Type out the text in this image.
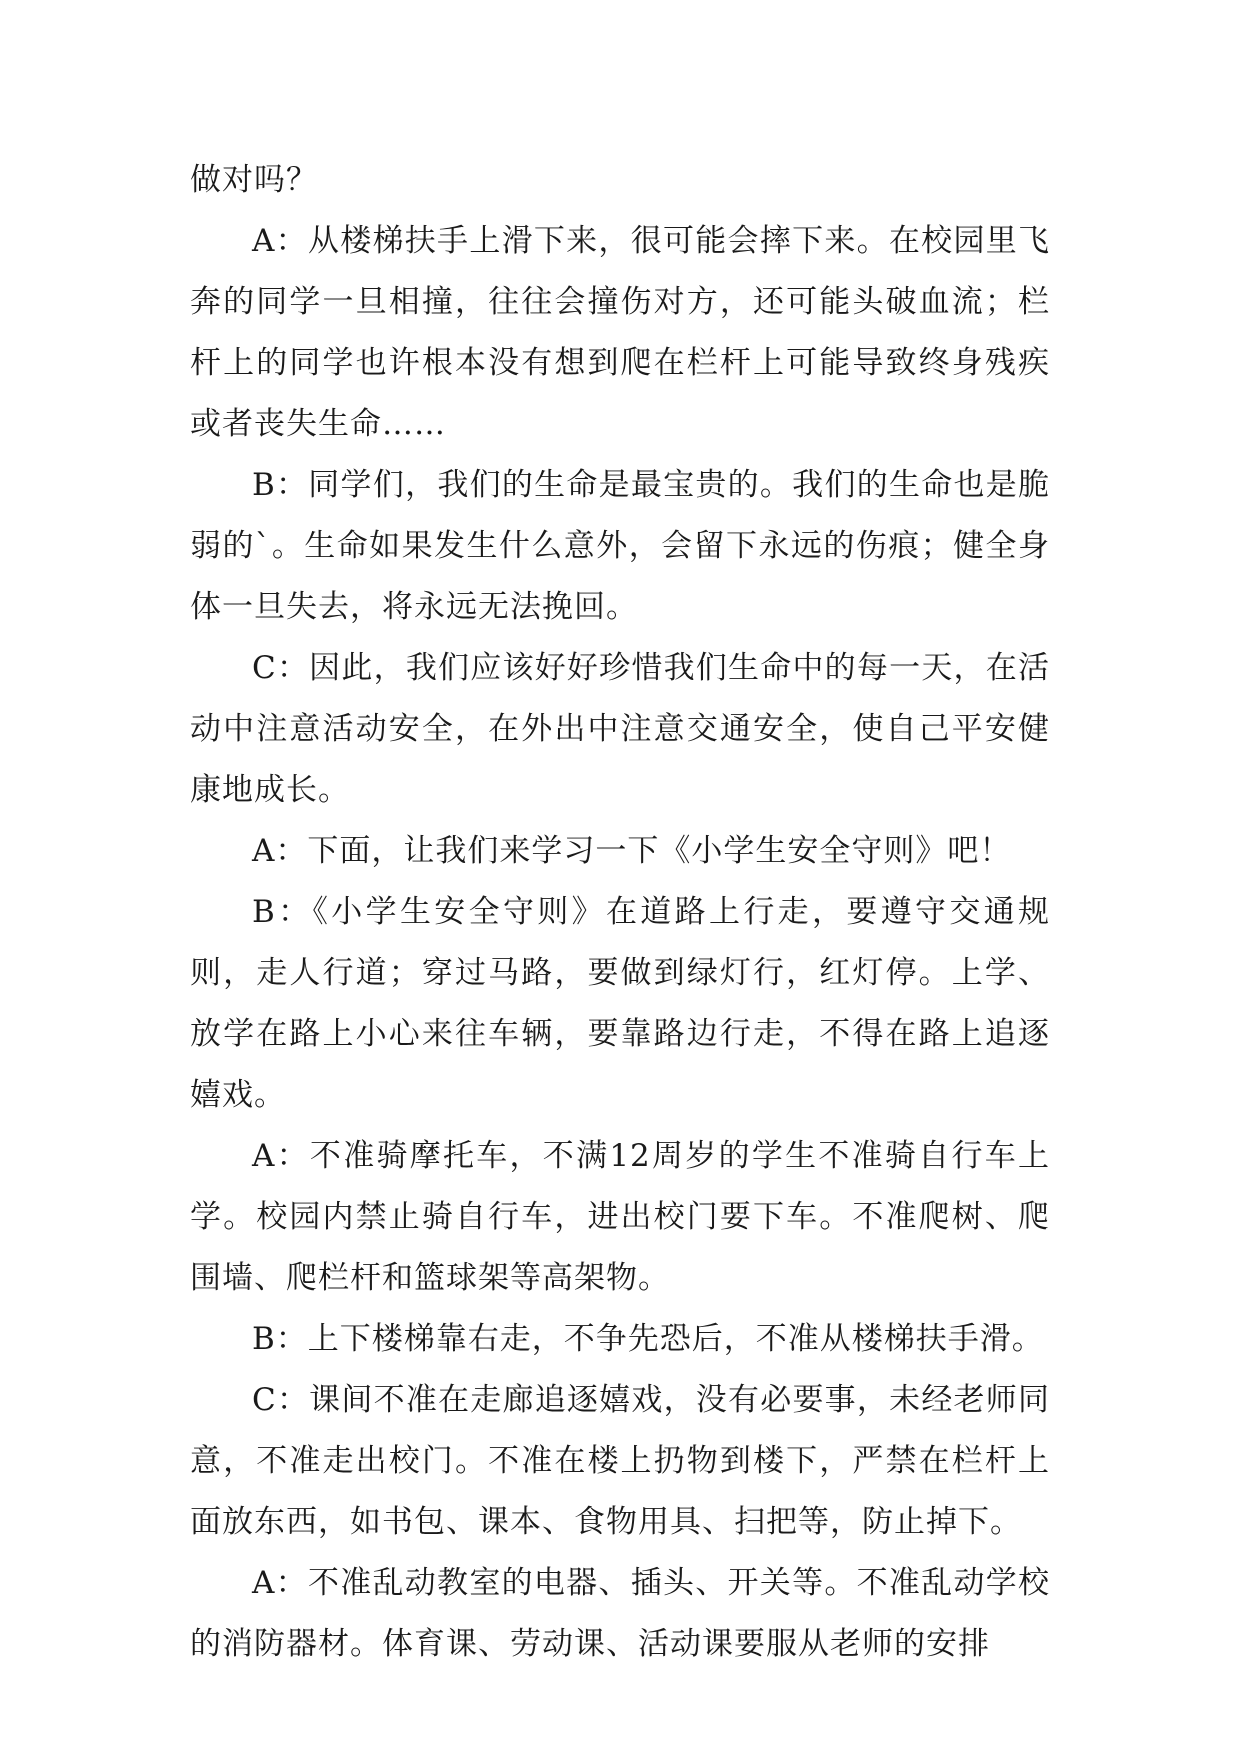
做对吗？

A：从楼梯扶手上滑下来，很可能会摔下来。在校园里飞奔的同学一旦相撞，往往会撞伤对方，还可能头破血流；栏杆上的同学也许根本没有想到爬在栏杆上可能导致终身残疾或者丧失生命……

B：同学们，我们的生命是最宝贵的。我们的生命也是脆弱的`。生命如果发生什么意外，会留下永远的伤痕；健全身体一旦失去，将永远无法挽回。

C：因此，我们应该好好珍惜我们生命中的每一天，在活动中注意活动安全，在外出中注意交通安全，使自己平安健康地成长。

A：下面，让我们来学习一下《小学生安全守则》吧！

B：《小学生安全守则》在道路上行走，要遵守交通规则，走人行道；穿过马路，要做到绿灯行，红灯停。上学、放学在路上小心来往车辆，要靠路边行走，不得在路上追逐嬉戏。

A：不准骑摩托车，不满12周岁的学生不准骑自行车上学。校园内禁止骑自行车，进出校门要下车。不准爬树、爬围墙、爬栏杆和篮球架等高架物。

B：上下楼梯靠右走，不争先恐后，不准从楼梯扶手滑。

C：课间不准在走廊追逐嬉戏，没有必要事，未经老师同意，不准走出校门。不准在楼上扔物到楼下，严禁在栏杆上面放东西，如书包、课本、食物用具、扫把等，防止掉下。

A：不准乱动教室的电器、插头、开关等。不准乱动学校的消防器材。体育课、劳动课、活动课要服从老师的安排
